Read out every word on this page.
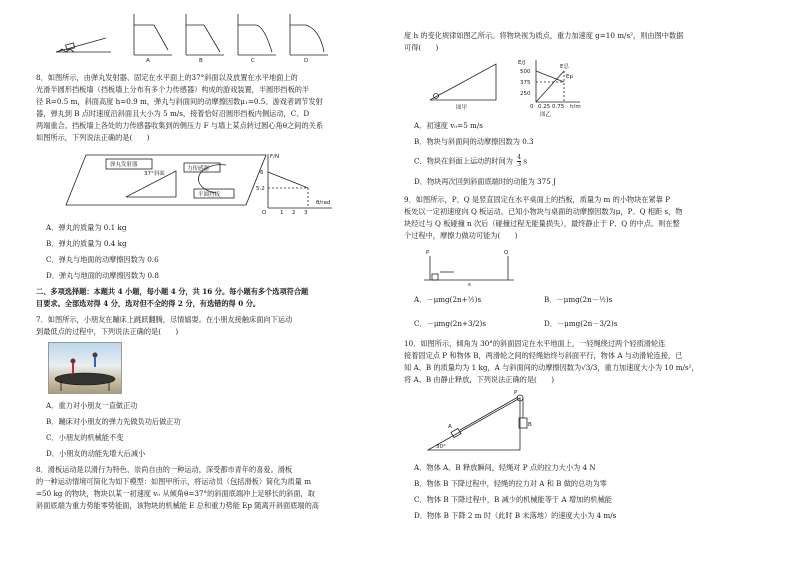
A	B	C	D
8．如图所示，由弹丸发射器、固定在水平面上的37°斜面以及放置在水平地面上的
光滑半圆形挡板墙（挡板墙上分布有多个力传感器）构成的游戏装置，半圆形挡板的半
径 R=0.5 m，斜面高度 h=0.9 m，弹丸与斜面间的动摩擦因数μ₁=0.5。游戏者调节发射
器，弹丸到 B 点时速度沿斜面且大小为 5 m/s，接着恰好沿圆形挡板内侧运动，C、D
两端重合。挡板墙上各处的力传感器收集到的侧压力 F 与墙上某点转过圆心角θ之间的关系
如图所示，下列说法正确的是(　　)
弹丸发射器
37°斜面
力传感器
半圆挡板
F/N
θ/rad
6
5.2
O 1 2 3
A．弹丸的质量为 0.1 kg
B．弹丸的质量为 0.4 kg
C．弹丸与地面的动摩擦因数为 0.6
D．弹丸与地面的动摩擦因数为 0.8
二、多项选择题：本题共 4 小题，每小题 4 分，共 16 分。每小题有多个选项符合题
目要求。全部选对得 4 分，选对但不全的得 2 分，有选错的得 0 分。
7．如图所示，小朋友在蹦床上跳跃翻腾，尽情嬉耍。在小朋友接触床面向下运动
到最低点的过程中，下列说法正确的是(　　)
A．重力对小朋友一直做正功
B．蹦床对小朋友的弹力先做负功后做正功
C．小朋友的机械能不变
D．小朋友的动能先增大后减小
8．滑板运动是以滑行为特色、崇尚自由的一种运动，深受都市青年的喜爱。滑板
的一种运动情境可简化为如下模型：如图甲所示，将运动员（包括滑板）简化为质量 m
=50 kg 的物块，物块以某一初速度 v₀ 从倾角θ=37°的斜面底端冲上足够长的斜面，取
斜面底端为重力势能零势能面，该物块的机械能 E 总和重力势能 Ep 随离开斜面底端的高
度 h 的变化规律如图乙所示。将物块视为质点，重力加速度 g=10 m/s²，则由图中数据
可得(　　)
图甲
E/J
500
375
250
0 0.25 0.75 h/m
E总
Ep
图乙
A．初速度 v₀=5 m/s
B．物块与斜面间的动摩擦因数为 0.3
C．物块在斜面上运动的时间为 $\frac{4}{3}$ s
D．物块再次回到斜面底端时的动能为 375 J
9．如图所示，P、Q 是竖直固定在水平桌面上的挡板，质量为 m 的小物块在紧靠 P
板处以一定初速度向 Q 板运动。已知小物块与桌面的动摩擦因数为μ，P、Q 相距 s，物
块经过与 Q 板碰撞 n 次后（碰撞过程无能量损失），最终静止于 P、Q 的中点。则在整
个过程中，摩擦力做功可能为(　　)
P	Q
s
A．－μmg(2n+½)s	B．－μmg(2n－½)s
C．－μmg(2n+3/2)s	D．－μmg(2n－3/2)s
10．如图所示，倾角为 30°的斜面固定在水平地面上，一轻绳绕过两个轻质滑轮连
接着固定点 P 和物体 B，两滑轮之间的轻绳始终与斜面平行，物体 A 与动滑轮连接，已
知 A、B 的质量均为 1 kg，A 与斜面间的动摩擦因数为√3/3，重力加速度大小为 10 m/s²，
将 A、B 由静止释放，下列说法正确的是(　　)
30°
A	B
P
A．物体 A、B 释放瞬间，轻绳对 P 点的拉力大小为 4 N
B．物体 B 下降过程中，轻绳的拉力对 A 和 B 做的总功为零
C．物体 B 下降过程中，B 减少的机械能等于 A 增加的机械能
D．物体 B 下降 2 m 时（此时 B 未落地）的速度大小为 4 m/s
